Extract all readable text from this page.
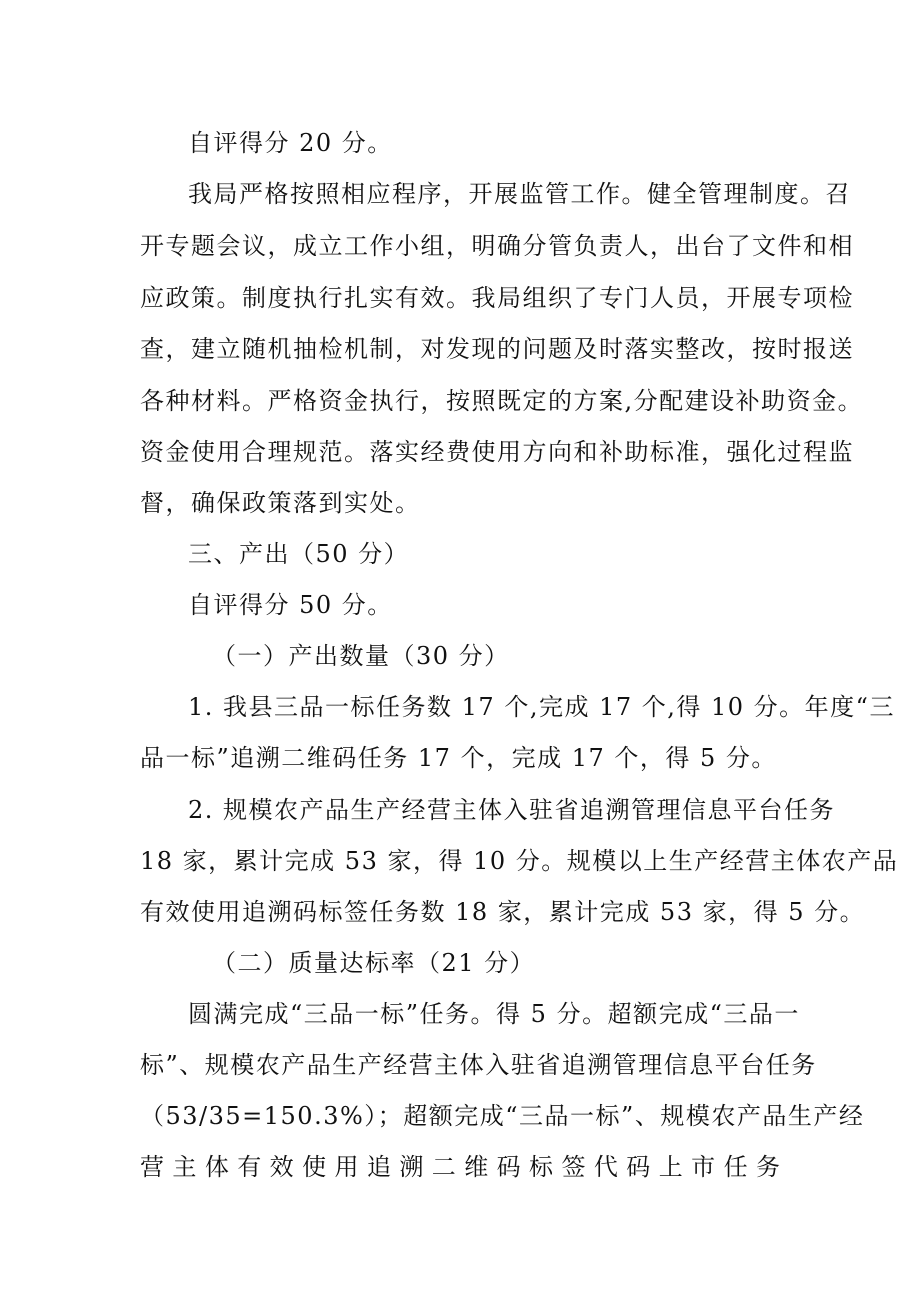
自评得分 20 分。
我局严格按照相应程序，开展监管工作。健全管理制度。召
开专题会议，成立工作小组，明确分管负责人，出台了文件和相
应政策。制度执行扎实有效。我局组织了专门人员，开展专项检
查，建立随机抽检机制，对发现的问题及时落实整改，按时报送
各种材料。严格资金执行，按照既定的方案,分配建设补助资金。
资金使用合理规范。落实经费使用方向和补助标准，强化过程监
督，确保政策落到实处。
三、产出（50 分）
自评得分 50 分。
（一）产出数量（30 分）
1. 我县三品一标任务数 17 个,完成 17 个,得 10 分。年度“三
品一标”追溯二维码任务 17 个，完成 17 个，得 5 分。
2. 规模农产品生产经营主体入驻省追溯管理信息平台任务
18 家，累计完成 53 家，得 10 分。规模以上生产经营主体农产品
有效使用追溯码标签任务数 18 家，累计完成 53 家，得 5 分。
（二）质量达标率（21 分）
圆满完成“三品一标”任务。得 5 分。超额完成“三品一
标”、规模农产品生产经营主体入驻省追溯管理信息平台任务
（53/35=150.3%）；超额完成“三品一标”、规模农产品生产经
营 主 体 有 效 使 用 追 溯 二 维 码 标 签 代 码 上 市 任 务
